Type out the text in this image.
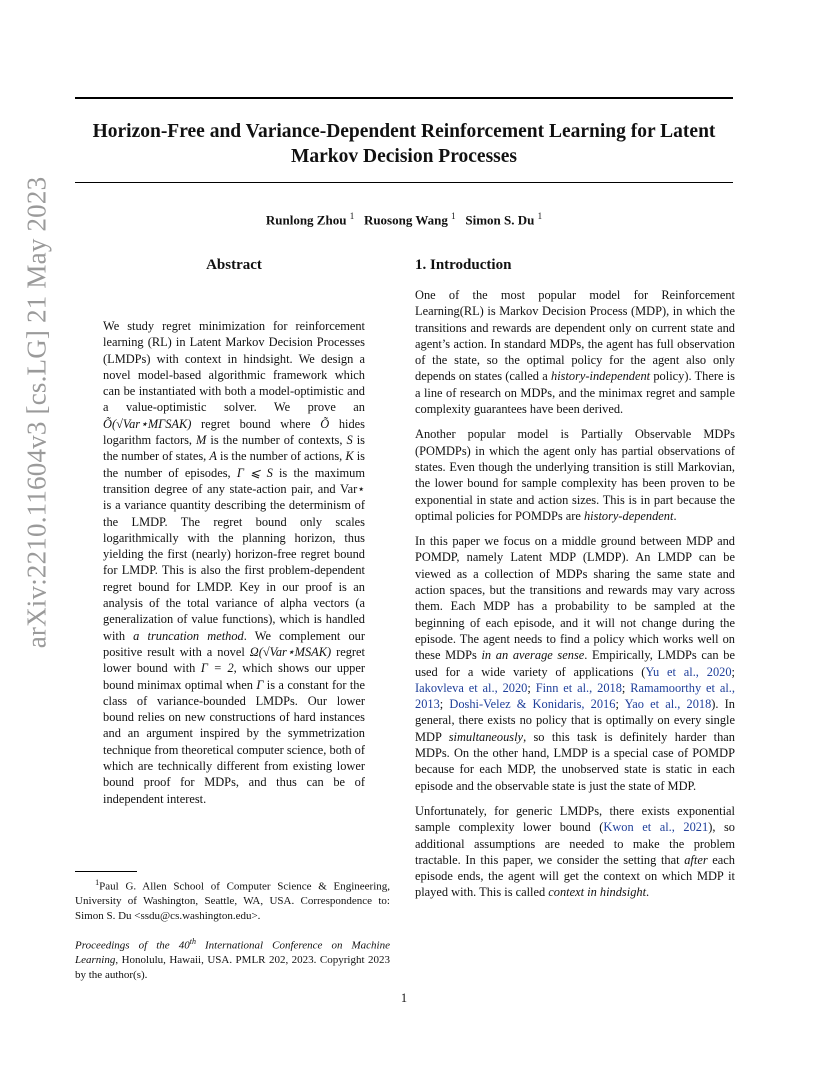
arXiv:2210.11604v3 [cs.LG] 21 May 2023
Horizon-Free and Variance-Dependent Reinforcement Learning for Latent
Markov Decision Processes
Runlong Zhou $^1$ Ruosong Wang $^1$ Simon S. Du $^1$
Abstract

We study regret minimization for reinforcement learning (RL) in Latent Markov Decision Processes (LMDPs) with context in hindsight. We design a novel model-based algorithmic framework which can be instantiated with both a model-optimistic and a value-optimistic solver. We prove an Õ(√Var⋆MΓSAK) regret bound where Õ hides logarithm factors, M is the number of contexts, S is the number of states, A is the number of actions, K is the number of episodes, Γ ⩽ S is the maximum transition degree of any state-action pair, and Var⋆ is a variance quantity describing the determinism of the LMDP. The regret bound only scales logarithmically with the planning horizon, thus yielding the first (nearly) horizon-free regret bound for LMDP. This is also the first problem-dependent regret bound for LMDP. Key in our proof is an analysis of the total variance of alpha vectors (a generalization of value functions), which is handled with a truncation method. We complement our positive result with a novel Ω(√Var⋆MSAK) regret lower bound with Γ = 2, which shows our upper bound minimax optimal when Γ is a constant for the class of variance-bounded LMDPs. Our lower bound relies on new constructions of hard instances and an argument inspired by the symmetrization technique from theoretical computer science, both of which are technically different from existing lower bound proof for MDPs, and thus can be of independent interest.

1. Introduction

One of the most popular model for Reinforcement Learning(RL) is Markov Decision Process (MDP), in which the transitions and rewards are dependent only on current state and agent’s action. In standard MDPs, the agent has full observation of the state, so the optimal policy for the agent also only depends on states (called a history-independent policy). There is a line of research on MDPs, and the minimax regret and sample complexity guarantees have been derived.

Another popular model is Partially Observable MDPs (POMDPs) in which the agent only has partial observations of states. Even though the underlying transition is still Markovian, the lower bound for sample complexity has been proven to be exponential in state and action sizes. This is in part because the optimal policies for POMDPs are history-dependent.

In this paper we focus on a middle ground between MDP and POMDP, namely Latent MDP (LMDP). An LMDP can be viewed as a collection of MDPs sharing the same state and action spaces, but the transitions and rewards may vary across them. Each MDP has a probability to be sampled at the beginning of each episode, and it will not change during the episode. The agent needs to find a policy which works well on these MDPs in an average sense. Empirically, LMDPs can be used for a wide variety of applications (Yu et al., 2020; Iakovleva et al., 2020; Finn et al., 2018; Ramamoorthy et al., 2013; Doshi-Velez & Konidaris, 2016; Yao et al., 2018). In general, there exists no policy that is optimally on every single MDP simultaneously, so this task is definitely harder than MDPs. On the other hand, LMDP is a special case of POMDP because for each MDP, the unobserved state is static in each episode and the observable state is just the state of MDP.

Unfortunately, for generic LMDPs, there exists exponential sample complexity lower bound (Kwon et al., 2021), so additional assumptions are needed to make the problem tractable. In this paper, we consider the setting that after each episode ends, the agent will get the context on which MDP it played with. This is called context in hindsight.

$^1$Paul G. Allen School of Computer Science & Engineering, University of Washington, Seattle, WA, USA. Correspondence to: Simon S. Du <ssdu@cs.washington.edu>.

Proceedings of the 40th International Conference on Machine Learning, Honolulu, Hawaii, USA. PMLR 202, 2023. Copyright 2023 by the author(s).

1
